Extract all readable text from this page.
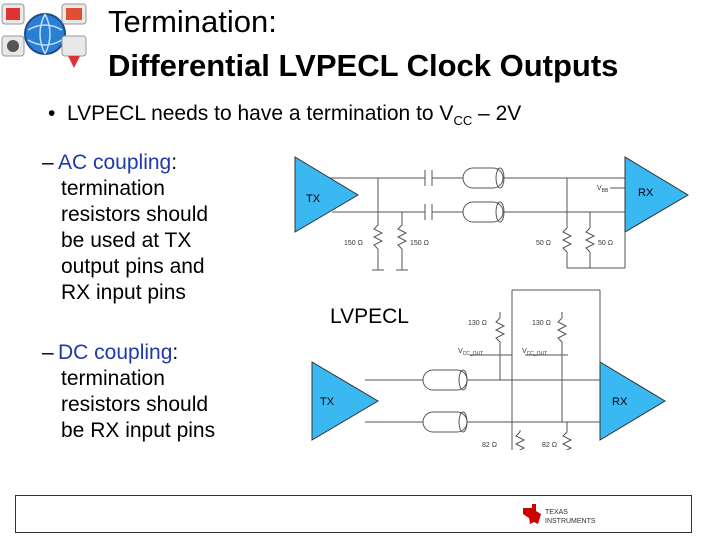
Termination:
Differential LVPECL Clock Outputs
•  LVPECL needs to have a termination to $V_{CC} - 2V$
– AC coupling:
termination
resistors should
be used at TX
output pins and
RX input pins
– DC coupling:
termination
resistors should
be RX input pins
TX	RX
$V_{BB}$
150 Ω	150 Ω	50 Ω	50 Ω
TX	RX
130 Ω	130 Ω
$V_{CC\_OUT}$	$V_{CC\_OUT}$
82 Ω	82 Ω
LVPECL
TEXAS
INSTRUMENTS
